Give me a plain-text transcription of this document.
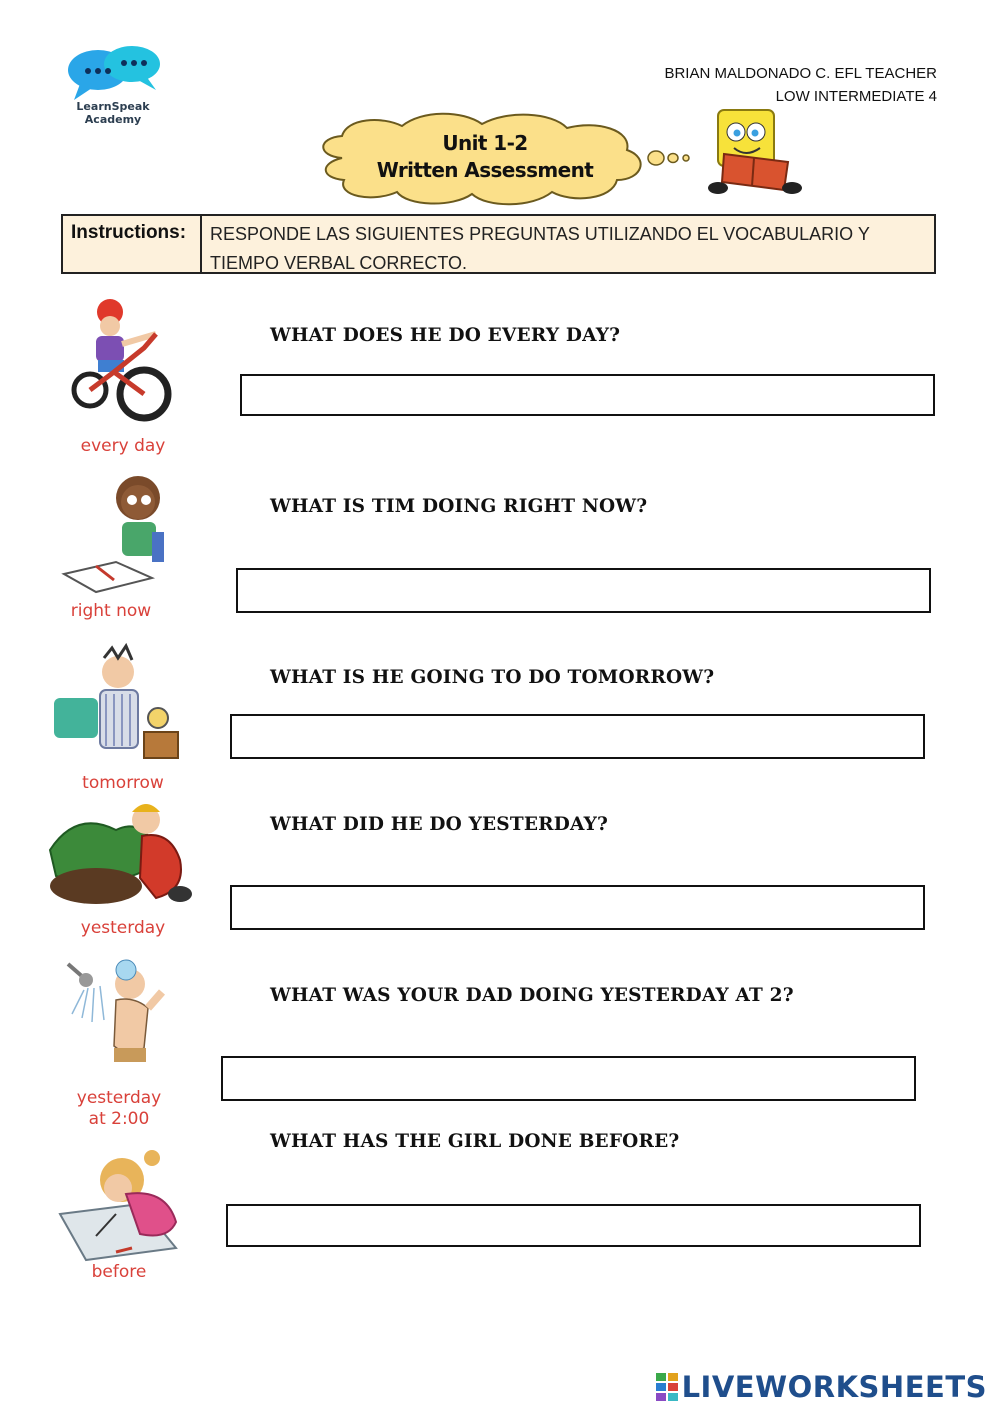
LearnSpeak
Academy
BRIAN MALDONADO C. EFL TEACHER
LOW INTERMEDIATE 4
Unit 1-2
Written Assessment
Instructions:	RESPONDE LAS SIGUIENTES PREGUNTAS UTILIZANDO EL VOCABULARIO Y TIEMPO VERBAL CORRECTO.
every day
WHAT DOES HE DO EVERY DAY?
right now
WHAT IS TIM DOING RIGHT NOW?
tomorrow
WHAT IS HE GOING TO DO TOMORROW?
yesterday
WHAT DID HE DO YESTERDAY?
yesterday
at 2:00
WHAT WAS YOUR DAD DOING YESTERDAY AT 2?
before
WHAT HAS THE GIRL DONE BEFORE?
LIVEWORKSHEETS
